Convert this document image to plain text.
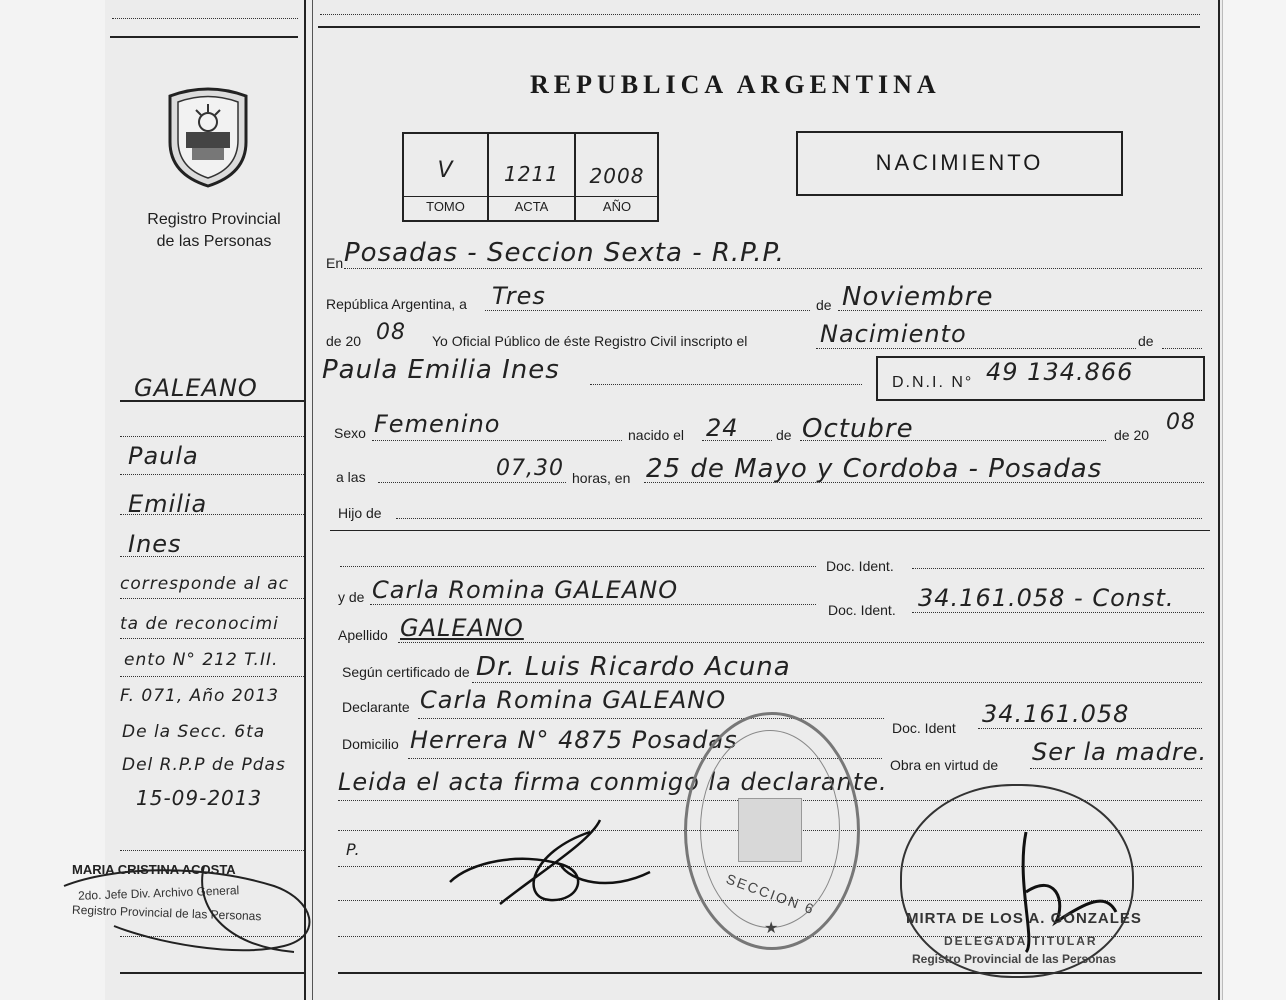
Registro Provincial
de las Personas
REPUBLICA ARGENTINA
V	1211	2008
TOMO	ACTA	AÑO
NACIMIENTO
En Posadas - Seccion Sexta - R.P.P.
República Argentina, a Tres	de Noviembre
de 20 08 Yo Oficial Público de éste Registro Civil inscripto el	Nacimiento	de
Paula Emilia Ines	D.N.I. N° 49 134.866
GALEANO
Paula
Emilia
Ines
corresponde al ac
ta de reconocimi
ento N° 212 T.II.
F. 071, Año 2013
De la Secc. 6ta
Del R.P.P de Pdas
15-09-2013
Sexo Femenino	nacido el 24	de Octubre	de 20 08
a las	07,30 horas, en 25 de Mayo y Cordoba - Posadas
Hijo de
Doc. Ident.
y de Carla Romina GALEANO
Doc. Ident. 34.161.058 - Const.
Apellido GALEANO
Según certificado de Dr. Luis Ricardo Acuna
Declarante Carla Romina GALEANO
Doc. Ident 34.161.058
Domicilio Herrera N° 4875 Posadas
Obra en virtud de Ser la madre.
Leida el acta firma conmigo la declarante.
P.
SECCION 6
★
MARIA CRISTINA ACOSTA
2do. Jefe Div. Archivo General
Registro Provincial de las Personas	MIRTA DE LOS A. GONZALES
DELEGADA TITULAR
Registro Provincial de las Personas
